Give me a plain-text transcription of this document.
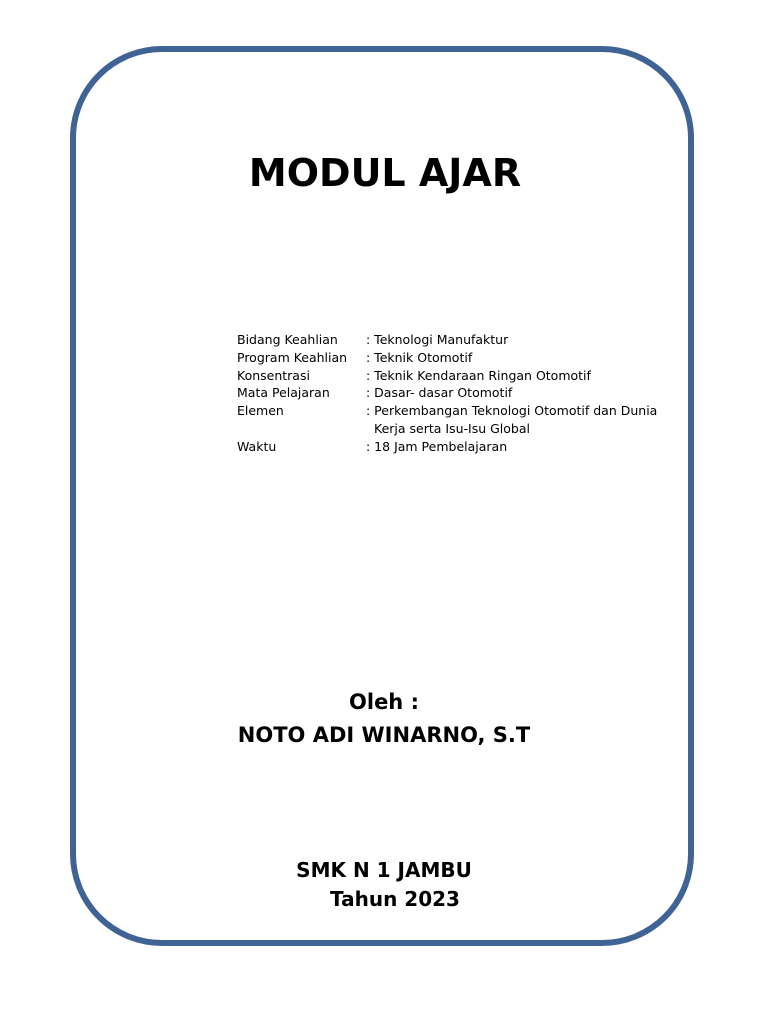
MODUL AJAR
Bidang Keahlian	: Teknologi Manufaktur
Program Keahlian	: Teknik Otomotif
Konsentrasi	: Teknik Kendaraan Ringan Otomotif
Mata Pelajaran	: Dasar- dasar Otomotif
Elemen	: Perkembangan Teknologi Otomotif dan Dunia
Kerja serta Isu-Isu Global
Waktu	: 18 Jam Pembelajaran
Oleh :
NOTO ADI WINARNO, S.T
SMK N 1 JAMBU
Tahun 2023
